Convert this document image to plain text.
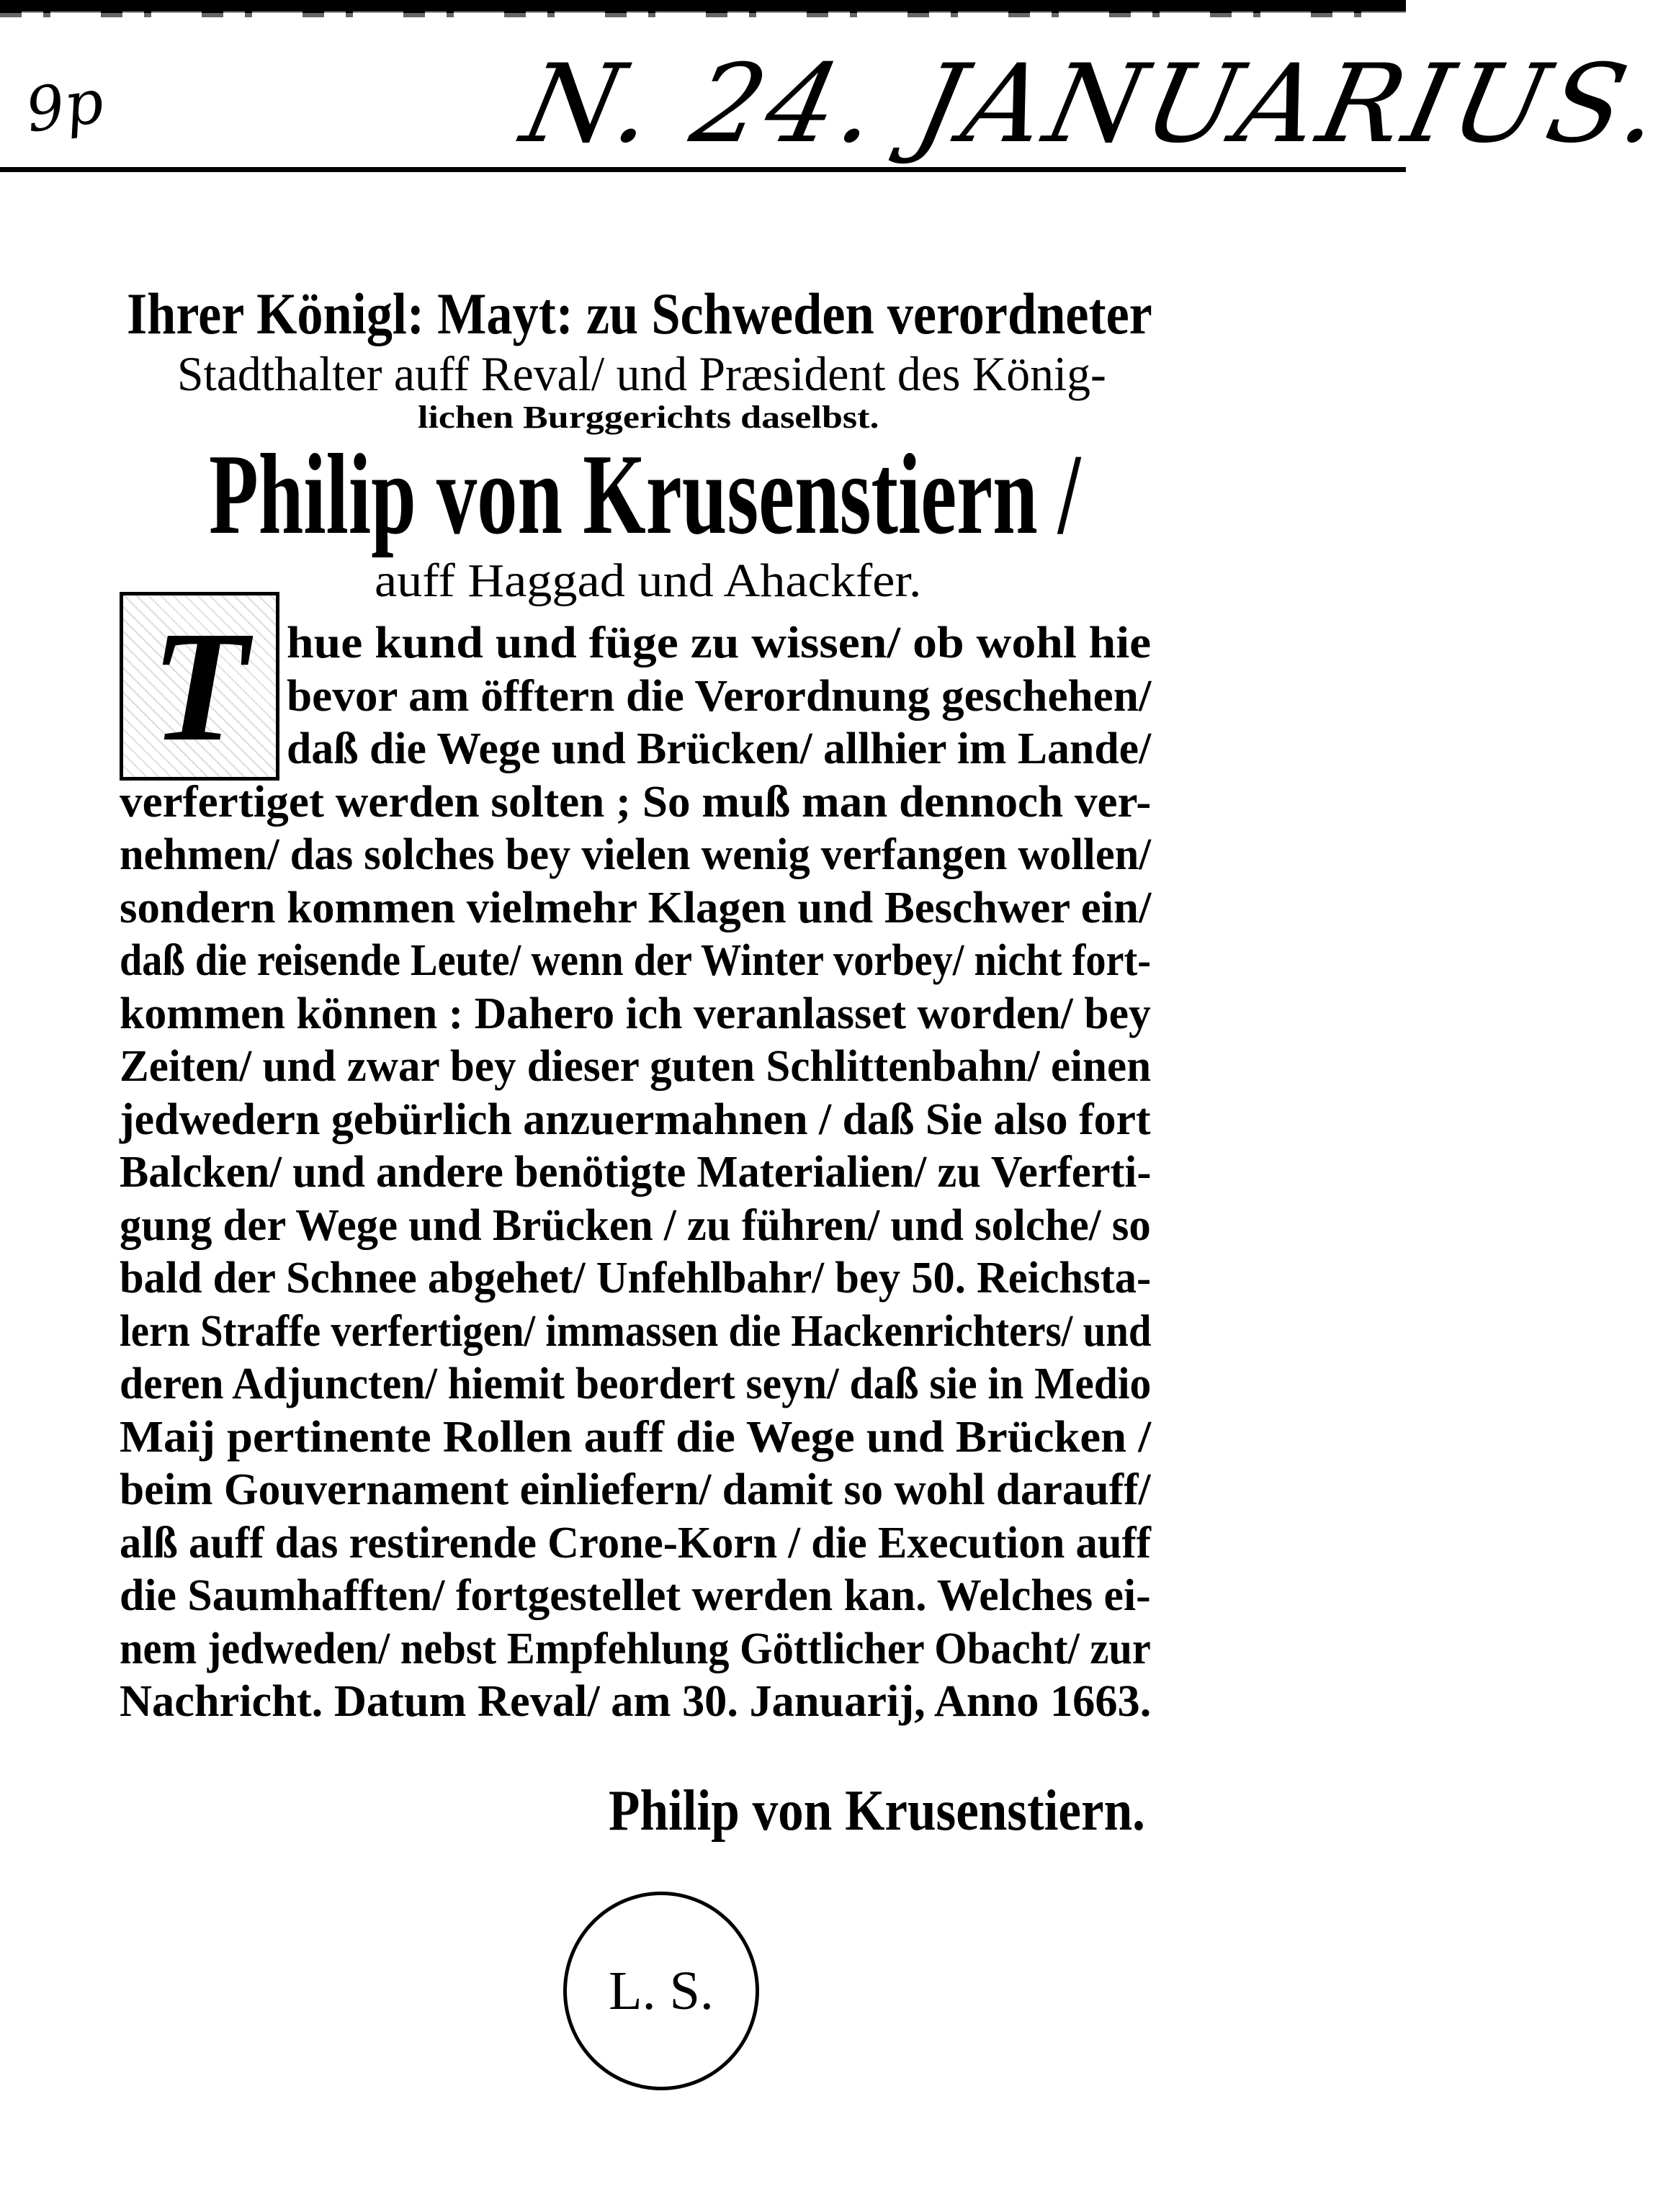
9p	N. 24. JANUARIUS.
Ihrer Königl: Mayt: zu Schweden verordneter
Stadthalter auff Reval/ und Præsident des König-
lichen Burggerichts daselbst.
Philip von Krusenstiern /
auff Haggad und Ahackfer.
T hue kund und füge zu wissen/ ob wohl hie
bevor am öfftern die Verordnung geschehen/
daß die Wege und Brücken/ allhier im Lande/
verfertiget werden solten ; So muß man dennoch ver-
nehmen/ das solches bey vielen wenig verfangen wollen/
sondern kommen vielmehr Klagen und Beschwer ein/
daß die reisende Leute/ wenn der Winter vorbey/ nicht fort-
kommen können : Dahero ich veranlasset worden/ bey
Zeiten/ und zwar bey dieser guten Schlittenbahn/ einen
jedwedern gebürlich anzuermahnen / daß Sie also fort
Balcken/ und andere benötigte Materialien/ zu Verferti-
gung der Wege und Brücken / zu führen/ und solche/ so
bald der Schnee abgehet/ Unfehlbahr/ bey 50. Reichsta-
lern Straffe verfertigen/ immassen die Hackenrichters/ und
deren Adjuncten/ hiemit beordert seyn/ daß sie in Medio
Maij pertinente Rollen auff die Wege und Brücken /
beim Gouvernament einliefern/ damit so wohl darauff/
alß auff das restirende Crone-Korn / die Execution auff
die Saumhafften/ fortgestellet werden kan. Welches ei-
nem jedweden/ nebst Empfehlung Göttlicher Obacht/ zur
Nachricht. Datum Reval/ am 30. Januarij, Anno 1663.
Philip von Krusenstiern.
L. S.
